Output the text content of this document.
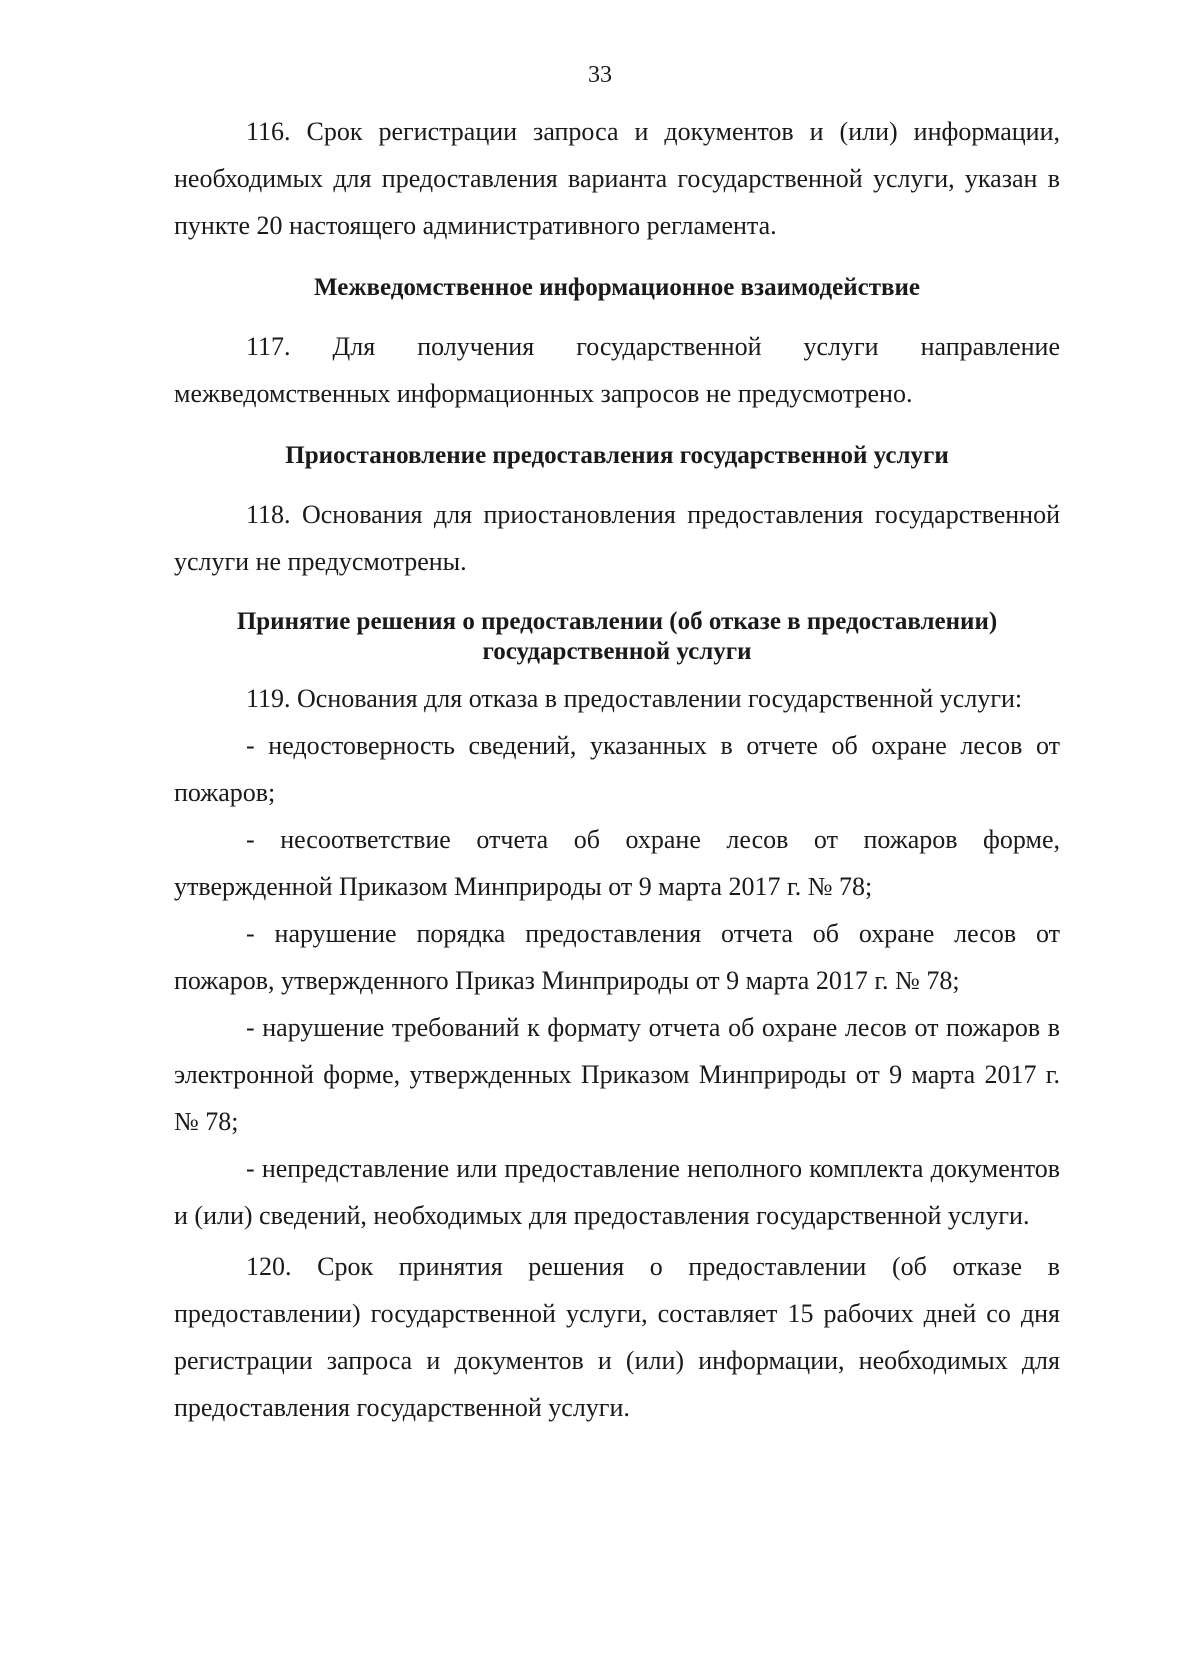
33

116. Срок регистрации запроса и документов и (или) информации, необходимых для предоставления варианта государственной услуги, указан в пункте 20 настоящего административного регламента.

Межведомственное информационное взаимодействие

117. Для получения государственной услуги направление межведомственных информационных запросов не предусмотрено.

Приостановление предоставления государственной услуги

118. Основания для приостановления предоставления государственной услуги не предусмотрены.

Принятие решения о предоставлении (об отказе в предоставлении)
государственной услуги

119. Основания для отказа в предоставлении государственной услуги:

- недостоверность сведений, указанных в отчете об охране лесов от пожаров;

- несоответствие отчета об охране лесов от пожаров форме, утвержденной Приказом Минприроды от 9 марта 2017 г. № 78;

- нарушение порядка предоставления отчета об охране лесов от пожаров, утвержденного Приказ Минприроды от 9 марта 2017 г. № 78;

- нарушение требований к формату отчета об охране лесов от пожаров в электронной форме, утвержденных Приказом Минприроды от 9 марта 2017 г. № 78;

- непредставление или предоставление неполного комплекта документов и (или) сведений, необходимых для предоставления государственной услуги.

120. Срок принятия решения о предоставлении (об отказе в предоставлении) государственной услуги, составляет 15 рабочих дней со дня регистрации запроса и документов и (или) информации, необходимых для предоставления государственной услуги.
